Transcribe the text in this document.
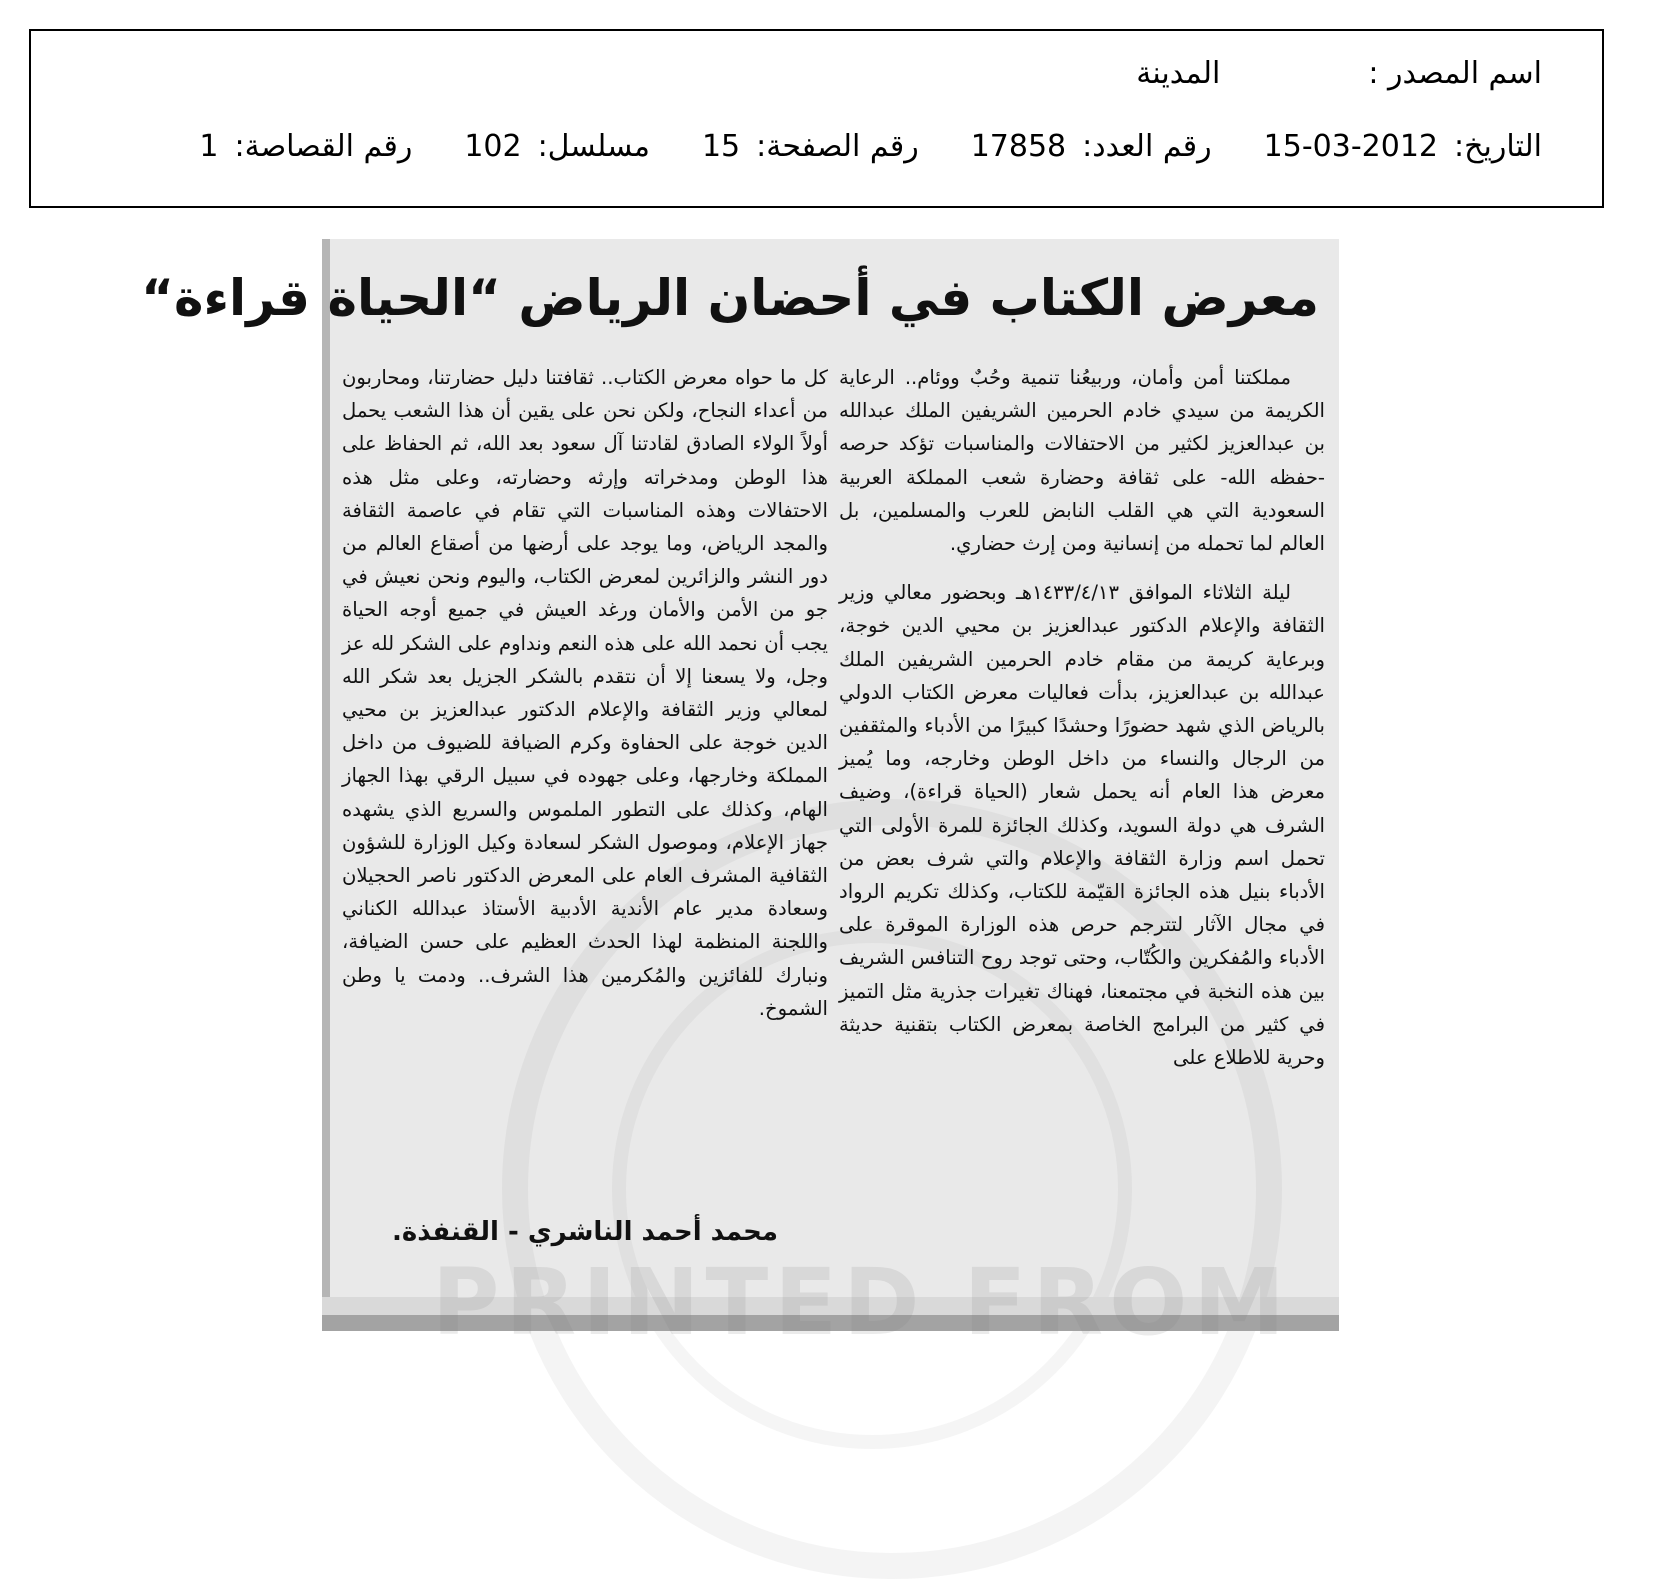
اسم المصدر :المدينة
التاريخ:2012-03-15رقم العدد:17858رقم الصفحة:15مسلسل:102رقم القصاصة:1
معرض الكتاب في أحضان الرياض “الحياة قراءة“

مملكتنا أمن وأمان، وربيعُنا تنمية وحُبٌ ووئام.. الرعاية الكريمة من سيدي خادم الحرمين الشريفين الملك عبدالله بن عبدالعزيز لكثير من الاحتفالات والمناسبات تؤكد حرصه -حفظه الله- على ثقافة وحضارة شعب المملكة العربية السعودية التي هي القلب النابض للعرب والمسلمين، بل العالم لما تحمله من إنسانية ومن إرث حضاري.

ليلة الثلاثاء الموافق ١٤٣٣/٤/١٣هـ وبحضور معالي وزير الثقافة والإعلام الدكتور عبدالعزيز بن محيي الدين خوجة، وبرعاية كريمة من مقام خادم الحرمين الشريفين الملك عبدالله بن عبدالعزيز، بدأت فعاليات معرض الكتاب الدولي بالرياض الذي شهد حضورًا وحشدًا كبيرًا من الأدباء والمثقفين من الرجال والنساء من داخل الوطن وخارجه، وما يُميز معرض هذا العام أنه يحمل شعار (الحياة قراءة)، وضيف الشرف هي دولة السويد، وكذلك الجائزة للمرة الأولى التي تحمل اسم وزارة الثقافة والإعلام والتي شرف بعض من الأدباء بنيل هذه الجائزة القيّمة للكتاب، وكذلك تكريم الرواد في مجال الآثار لتترجم حرص هذه الوزارة الموقرة على الأدباء والمُفكرين والكُتّاب، وحتى توجد روح التنافس الشريف بين هذه النخبة في مجتمعنا، فهناك تغيرات جذرية مثل التميز في كثير من البرامج الخاصة بمعرض الكتاب بتقنية حديثة وحرية للاطلاع على

كل ما حواه معرض الكتاب.. ثقافتنا دليل حضارتنا، ومحاربون من أعداء النجاح، ولكن نحن على يقين أن هذا الشعب يحمل أولاً الولاء الصادق لقادتنا آل سعود بعد الله، ثم الحفاظ على هذا الوطن ومدخراته وإرثه وحضارته، وعلى مثل هذه الاحتفالات وهذه المناسبات التي تقام في عاصمة الثقافة والمجد الرياض، وما يوجد على أرضها من أصقاع العالم من دور النشر والزائرين لمعرض الكتاب، واليوم ونحن نعيش في جو من الأمن والأمان ورغد العيش في جميع أوجه الحياة يجب أن نحمد الله على هذه النعم ونداوم على الشكر لله عز وجل، ولا يسعنا إلا أن نتقدم بالشكر الجزيل بعد شكر الله لمعالي وزير الثقافة والإعلام الدكتور عبدالعزيز بن محيي الدين خوجة على الحفاوة وكرم الضيافة للضيوف من داخل المملكة وخارجها، وعلى جهوده في سبيل الرقي بهذا الجهاز الهام، وكذلك على التطور الملموس والسريع الذي يشهده جهاز الإعلام، وموصول الشكر لسعادة وكيل الوزارة للشؤون الثقافية المشرف العام على المعرض الدكتور ناصر الحجيلان وسعادة مدير عام الأندية الأدبية الأستاذ عبدالله الكناني واللجنة المنظمة لهذا الحدث العظيم على حسن الضيافة، ونبارك للفائزين والمُكرمين هذا الشرف.. ودمت يا وطن الشموخ.

محمد أحمد الناشري - القنفذة.
PRINTED FROM
